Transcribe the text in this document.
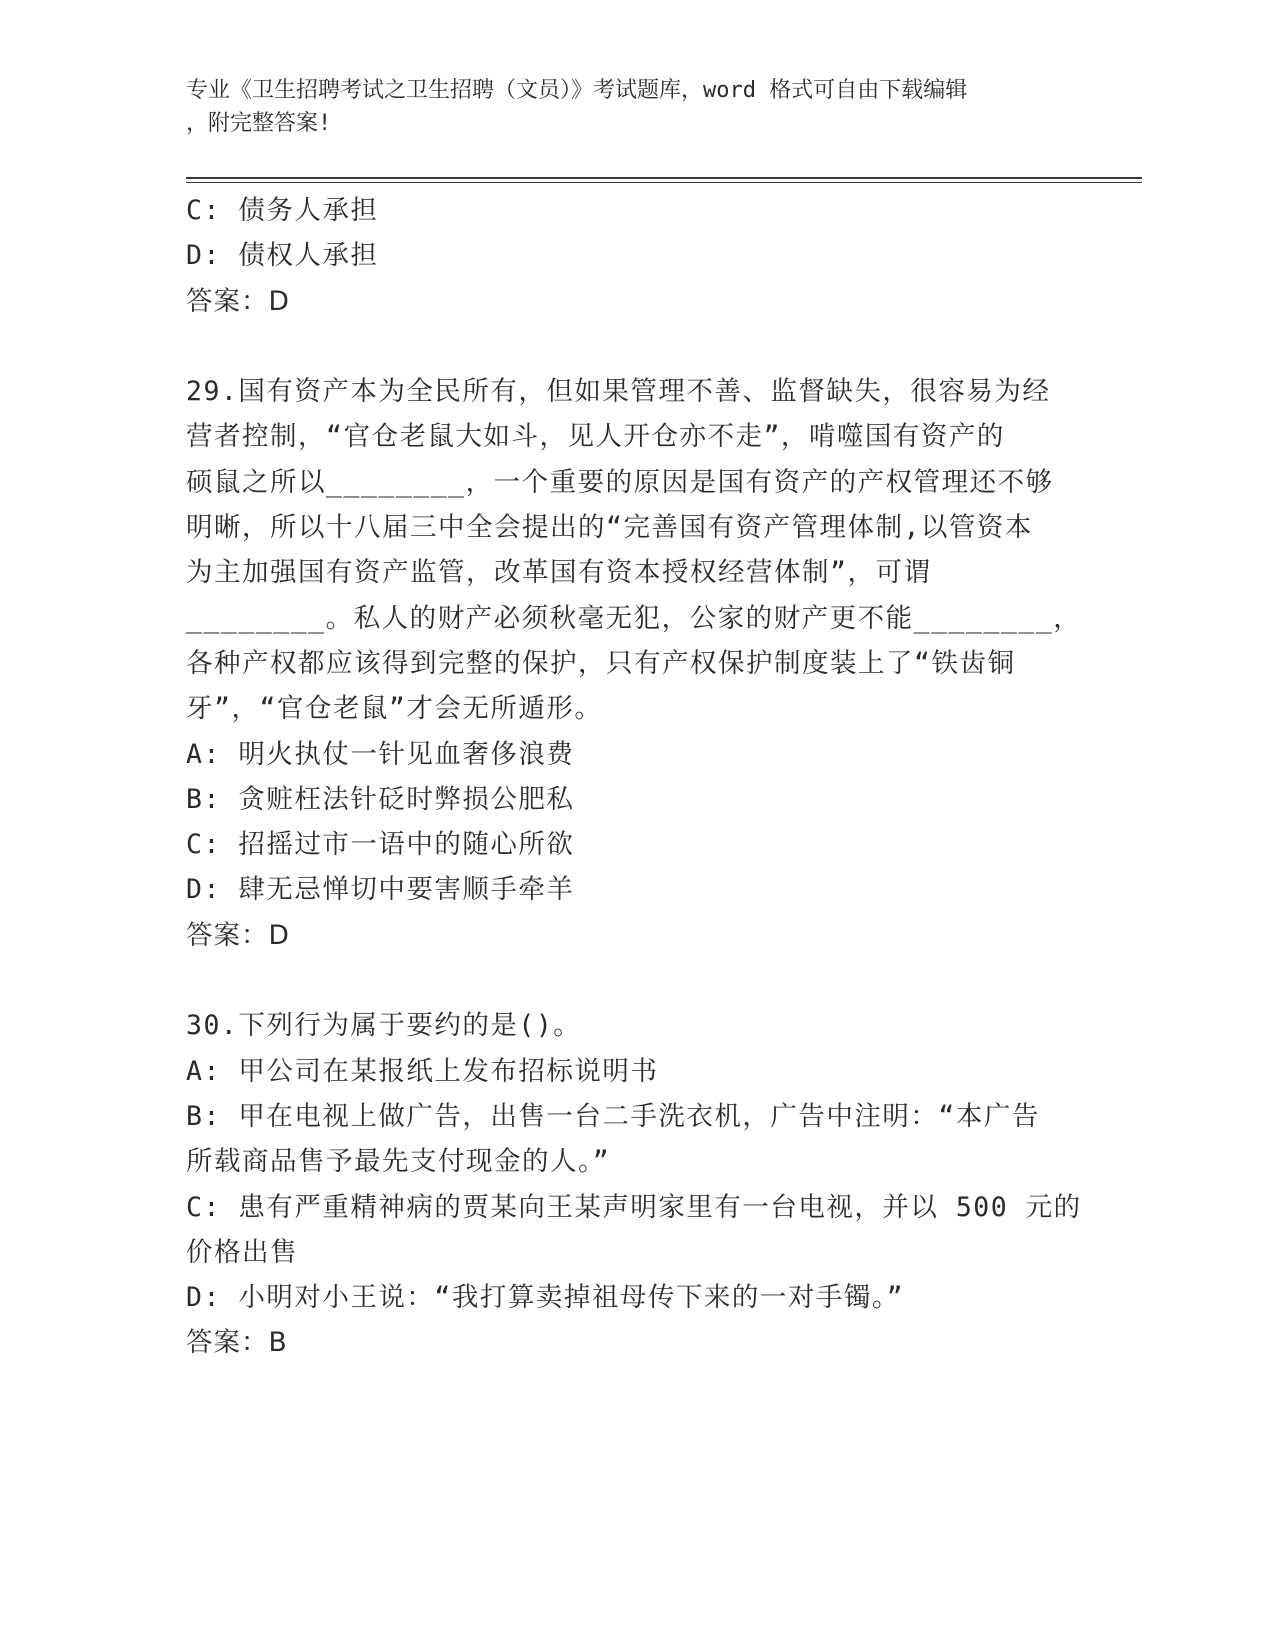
专业《卫生招聘考试之卫生招聘（文员）》考试题库，word 格式可自由下载编辑
，附完整答案!
C: 债务人承担
D: 债权人承担
答案：D
29.国有资产本为全民所有，但如果管理不善、监督缺失，很容易为经
营者控制，“官仓老鼠大如斗，见人开仓亦不走”，啃噬国有资产的
硕鼠之所以________，一个重要的原因是国有资产的产权管理还不够
明晰，所以十八届三中全会提出的“完善国有资产管理体制,以管资本
为主加强国有资产监管，改革国有资本授权经营体制”，可谓
________。私人的财产必须秋毫无犯，公家的财产更不能________，
各种产权都应该得到完整的保护，只有产权保护制度装上了“铁齿铜
牙”，“官仓老鼠”才会无所遁形。
A: 明火执仗一针见血奢侈浪费
B: 贪赃枉法针砭时弊损公肥私
C: 招摇过市一语中的随心所欲
D: 肆无忌惮切中要害顺手牵羊
答案：D
30.下列行为属于要约的是()。
A: 甲公司在某报纸上发布招标说明书
B: 甲在电视上做广告，出售一台二手洗衣机，广告中注明：“本广告
所载商品售予最先支付现金的人。”
C: 患有严重精神病的贾某向王某声明家里有一台电视，并以 500 元的
价格出售
D: 小明对小王说：“我打算卖掉祖母传下来的一对手镯。”
答案：B
